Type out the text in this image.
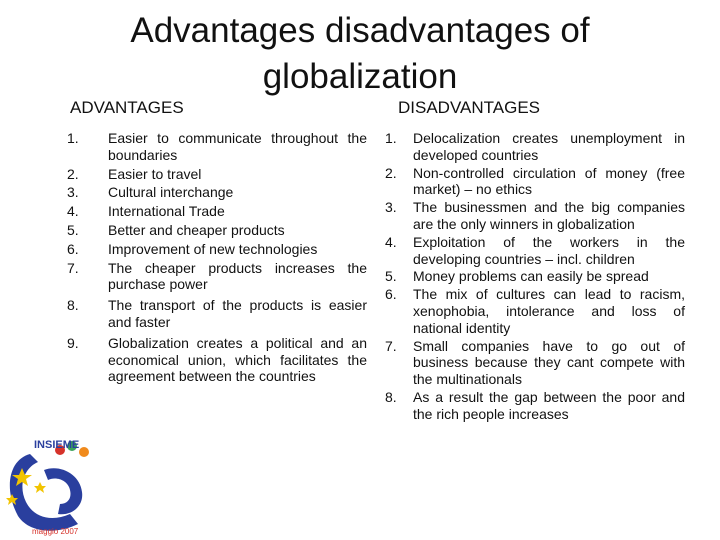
Advantages disadvantages of globalization
ADVANTAGES	DISADVANTAGES
1.	Easier to communicate throughout the boundaries
2.	Easier to travel
3.	Cultural interchange
4.	International Trade
5.	Better and cheaper products
6.	Improvement of new technologies
7.	The cheaper products increases the purchase power
8.	The transport of the products is easier and faster
9.	Globalization creates a political and an economical union, which facilitates the agreement between the countries
1.	Delocalization creates unemployment in developed countries
2.	Non-controlled circulation of money (free market) – no ethics
3.	The businessmen and the big companies are the only winners in globalization
4.	Exploitation of the workers in the developing countries – incl. children
5.	Money problems can easily be spread
6.	The mix of cultures can lead to racism, xenophobia, intolerance and loss of national identity
7.	Small companies have to go out of business because they cant compete with the multinationals
8.	As a result the gap between the poor and the rich people increases
INSIEME
maggio 2007
